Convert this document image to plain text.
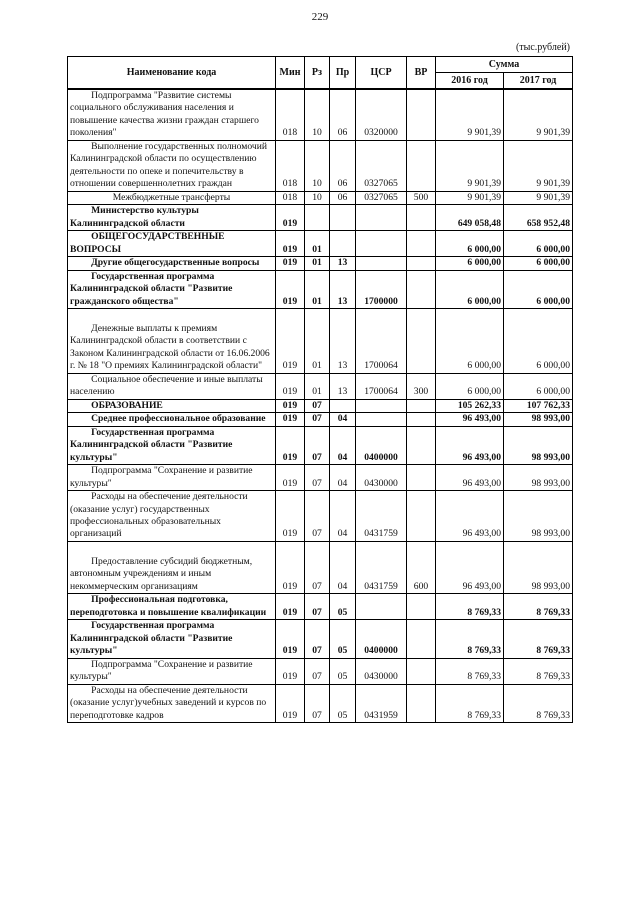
229
(тыс.рублей)
Наименование кода	Мин	Рз	Пр	ЦСР	ВР	Сумма	
						2016 год	2017 год
Подпрограмма "Развитие системы социального обслуживания населения и повышение качества жизни граждан старшего поколения"	018	10	06	0320000		9 901,39	9 901,39
Выполнение государственных полномочий Калининградской области по осуществлению деятельности по опеке и попечительству в отношении совершеннолетних граждан	018	10	06	0327065		9 901,39	9 901,39
Межбюджетные трансферты	018	10	06	0327065	500	9 901,39	9 901,39
Министерство культуры Калининградской области	019					649 058,48	658 952,48
ОБЩЕГОСУДАРСТВЕННЫЕ ВОПРОСЫ	019	01				6 000,00	6 000,00
Другие общегосударственные вопросы	019	01	13			6 000,00	6 000,00
Государственная программа Калининградской области "Развитие гражданского общества"	019	01	13	1700000		6 000,00	6 000,00
Денежные выплаты к премиям Калининградской области в соответствии с Законом Калининградской области от 16.06.2006 г. № 18 "О премиях Калининградской области"	019	01	13	1700064		6 000,00	6 000,00
Социальное обеспечение и иные выплаты населению	019	01	13	1700064	300	6 000,00	6 000,00
ОБРАЗОВАНИЕ	019	07				105 262,33	107 762,33
Среднее профессиональное образование	019	07	04			96 493,00	98 993,00
Государственная программа Калининградской области "Развитие культуры"	019	07	04	0400000		96 493,00	98 993,00
Подпрограмма "Сохранение и развитие культуры"	019	07	04	0430000		96 493,00	98 993,00
Расходы на обеспечение деятельности (оказание услуг) государственных профессиональных образовательных организаций	019	07	04	0431759		96 493,00	98 993,00
Предоставление субсидий бюджетным, автономным учреждениям и иным некоммерческим организациям	019	07	04	0431759	600	96 493,00	98 993,00
Профессиональная подготовка, переподготовка и повышение квалификации	019	07	05			8 769,33	8 769,33
Государственная программа Калининградской области "Развитие культуры"	019	07	05	0400000		8 769,33	8 769,33
Подпрограмма "Сохранение и развитие культуры"	019	07	05	0430000		8 769,33	8 769,33
Расходы на обеспечение деятельности (оказание услуг)учебных заведений и курсов по переподготовке кадров	019	07	05	0431959		8 769,33	8 769,33
